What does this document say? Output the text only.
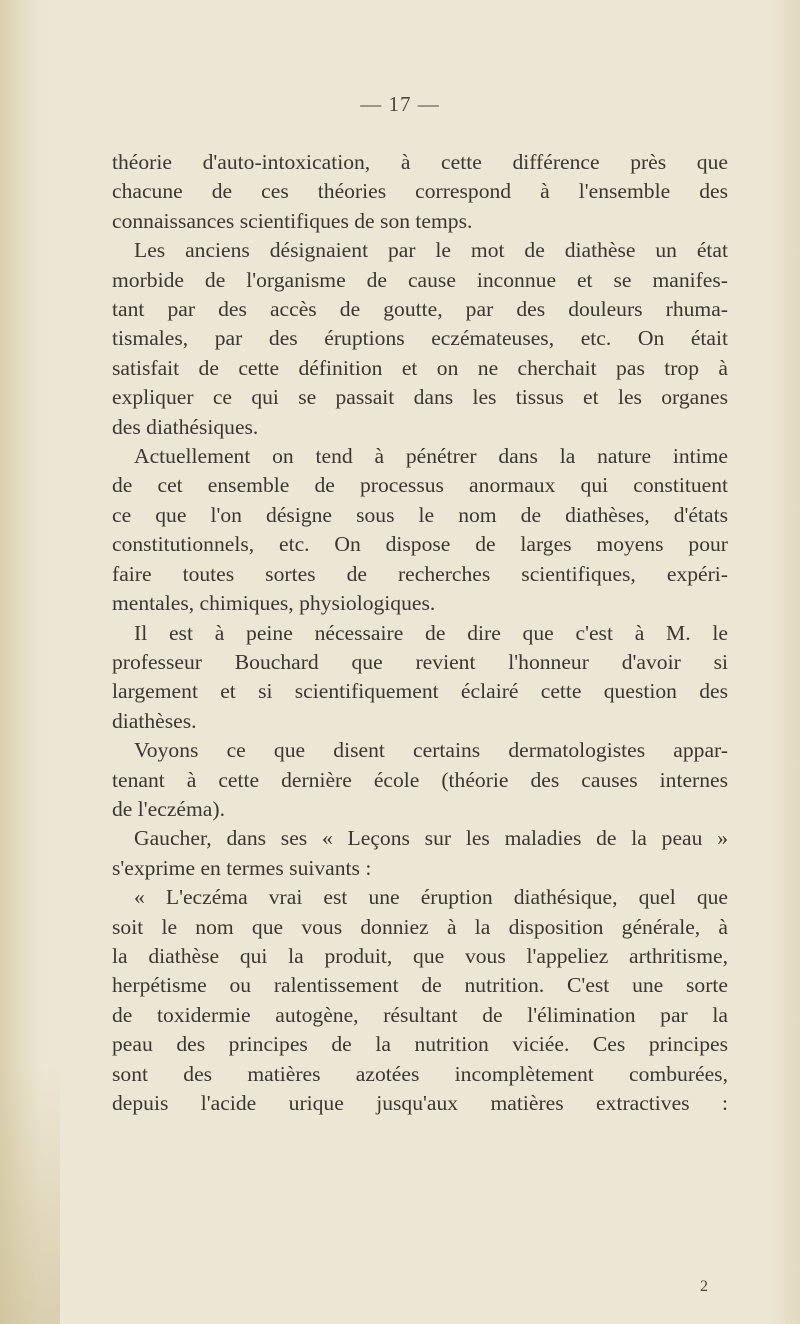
— 17 —
théorie d'auto-intoxication, à cette différence près que
chacune de ces théories correspond à l'ensemble des
connaissances scientifiques de son temps.
Les anciens désignaient par le mot de diathèse un état
morbide de l'organisme de cause inconnue et se manifes-
tant par des accès de goutte, par des douleurs rhuma-
tismales, par des éruptions eczémateuses, etc. On était
satisfait de cette définition et on ne cherchait pas trop à
expliquer ce qui se passait dans les tissus et les organes
des diathésiques.
Actuellement on tend à pénétrer dans la nature intime
de cet ensemble de processus anormaux qui constituent
ce que l'on désigne sous le nom de diathèses, d'états
constitutionnels, etc. On dispose de larges moyens pour
faire toutes sortes de recherches scientifiques, expéri-
mentales, chimiques, physiologiques.
Il est à peine nécessaire de dire que c'est à M. le
professeur Bouchard que revient l'honneur d'avoir si
largement et si scientifiquement éclairé cette question des
diathèses.
Voyons ce que disent certains dermatologistes appar-
tenant à cette dernière école (théorie des causes internes
de l'eczéma).
Gaucher, dans ses « Leçons sur les maladies de la peau »
s'exprime en termes suivants :
« L'eczéma vrai est une éruption diathésique, quel que
soit le nom que vous donniez à la disposition générale, à
la diathèse qui la produit, que vous l'appeliez arthritisme,
herpétisme ou ralentissement de nutrition. C'est une sorte
de toxidermie autogène, résultant de l'élimination par la
peau des principes de la nutrition viciée. Ces principes
sont des matières azotées incomplètement comburées,
depuis l'acide urique jusqu'aux matières extractives :
2
